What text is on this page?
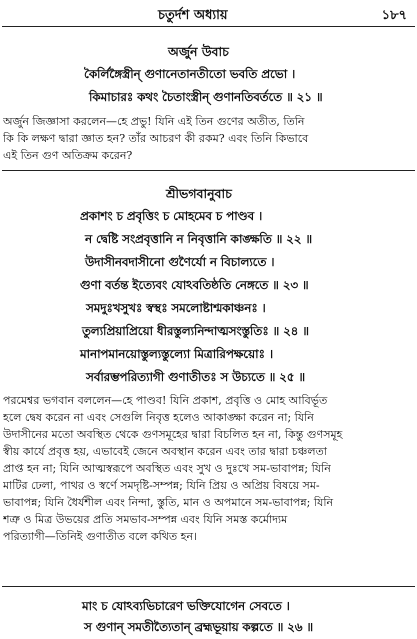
চতুর্দশ অধ্যায়	১৮৭
অর্জুন উবাচ
কৈর্লিঙ্গৈস্ত্রীন্ গুণানেতানতীতো ভবতি প্রভো ।
কিমাচারঃ কথং চৈতাংস্ত্রীন্ গুণানতিবর্ততে ॥ ২১ ॥
অর্জুন জিজ্ঞাসা করলেন—হে প্রভু! যিনি এই তিন গুণের অতীত, তিনি
কি কি লক্ষণ দ্বারা জ্ঞাত হন? তাঁর আচরণ কী রকম? এবং তিনি কিভাবে
এই তিন গুণ অতিক্রম করেন?
শ্রীভগবানুবাচ
প্রকাশং চ প্রবৃত্তিং চ মোহমেব চ পাণ্ডব ।
ন দ্বেষ্টি সংপ্রবৃত্তানি ন নিবৃত্তানি কাঙ্ক্ষতি ॥ ২২ ॥
উদাসীনবদাসীনো গুণৈর্যো ন বিচাল্যতে ।
গুণা বর্তন্ত ইত্যেবং যোঽবতিষ্ঠতি নেঙ্গতে ॥ ২৩ ॥
সমদুঃখসুখঃ স্বস্থঃ সমলোষ্টাশ্মকাঞ্চনঃ ।
তুল্যপ্রিয়াপ্রিয়ো ধীরস্তুল্যনিন্দাত্মসংস্তুতিঃ ॥ ২৪ ॥
মানাপমানয়োস্তুল্যস্তুল্যো মিত্রারিপক্ষয়োঃ ।
সর্বারম্ভপরিত্যাগী গুণাতীতঃ স উচ্যতে ॥ ২৫ ॥
পরমেশ্বর ভগবান বললেন—হে পাণ্ডব! যিনি প্রকাশ, প্রবৃত্তি ও মোহ আবির্ভূত
হলে দ্বেষ করেন না এবং সেগুলি নিবৃত্ত হলেও আকাঙ্ক্ষা করেন না; যিনি
উদাসীনের মতো অবস্থিত থেকে গুণসমূহের দ্বারা বিচলিত হন না, কিন্তু গুণসমূহ
স্বীয় কার্যে প্রবৃত্ত হয়, এভাবেই জেনে অবস্থান করেন এবং তার দ্বারা চঞ্চলতা
প্রাপ্ত হন না; যিনি আত্মস্বরূপে অবস্থিত এবং সুখ ও দুঃখে সম-ভাবাপন্ন; যিনি
মাটির ঢেলা, পাথর ও স্বর্ণে সমদৃষ্টি-সম্পন্ন; যিনি প্রিয় ও অপ্রিয় বিষয়ে সম-
ভাবাপন্ন; যিনি ধৈর্যশীল এবং নিন্দা, স্তুতি, মান ও অপমানে সম-ভাবাপন্ন; যিনি
শত্রু ও মিত্র উভয়ের প্রতি সমভাব-সম্পন্ন এবং যিনি সমস্ত কর্মোদ্যম
পরিত্যাগী—তিনিই গুণাতীত বলে কথিত হন।
মাং চ যোঽব্যভিচারেণ ভক্তিযোগেন সেবতে ।
স গুণান্ সমতীত্যৈতান্ ব্রহ্মভূয়ায় কল্পতে ॥ ২৬ ॥
